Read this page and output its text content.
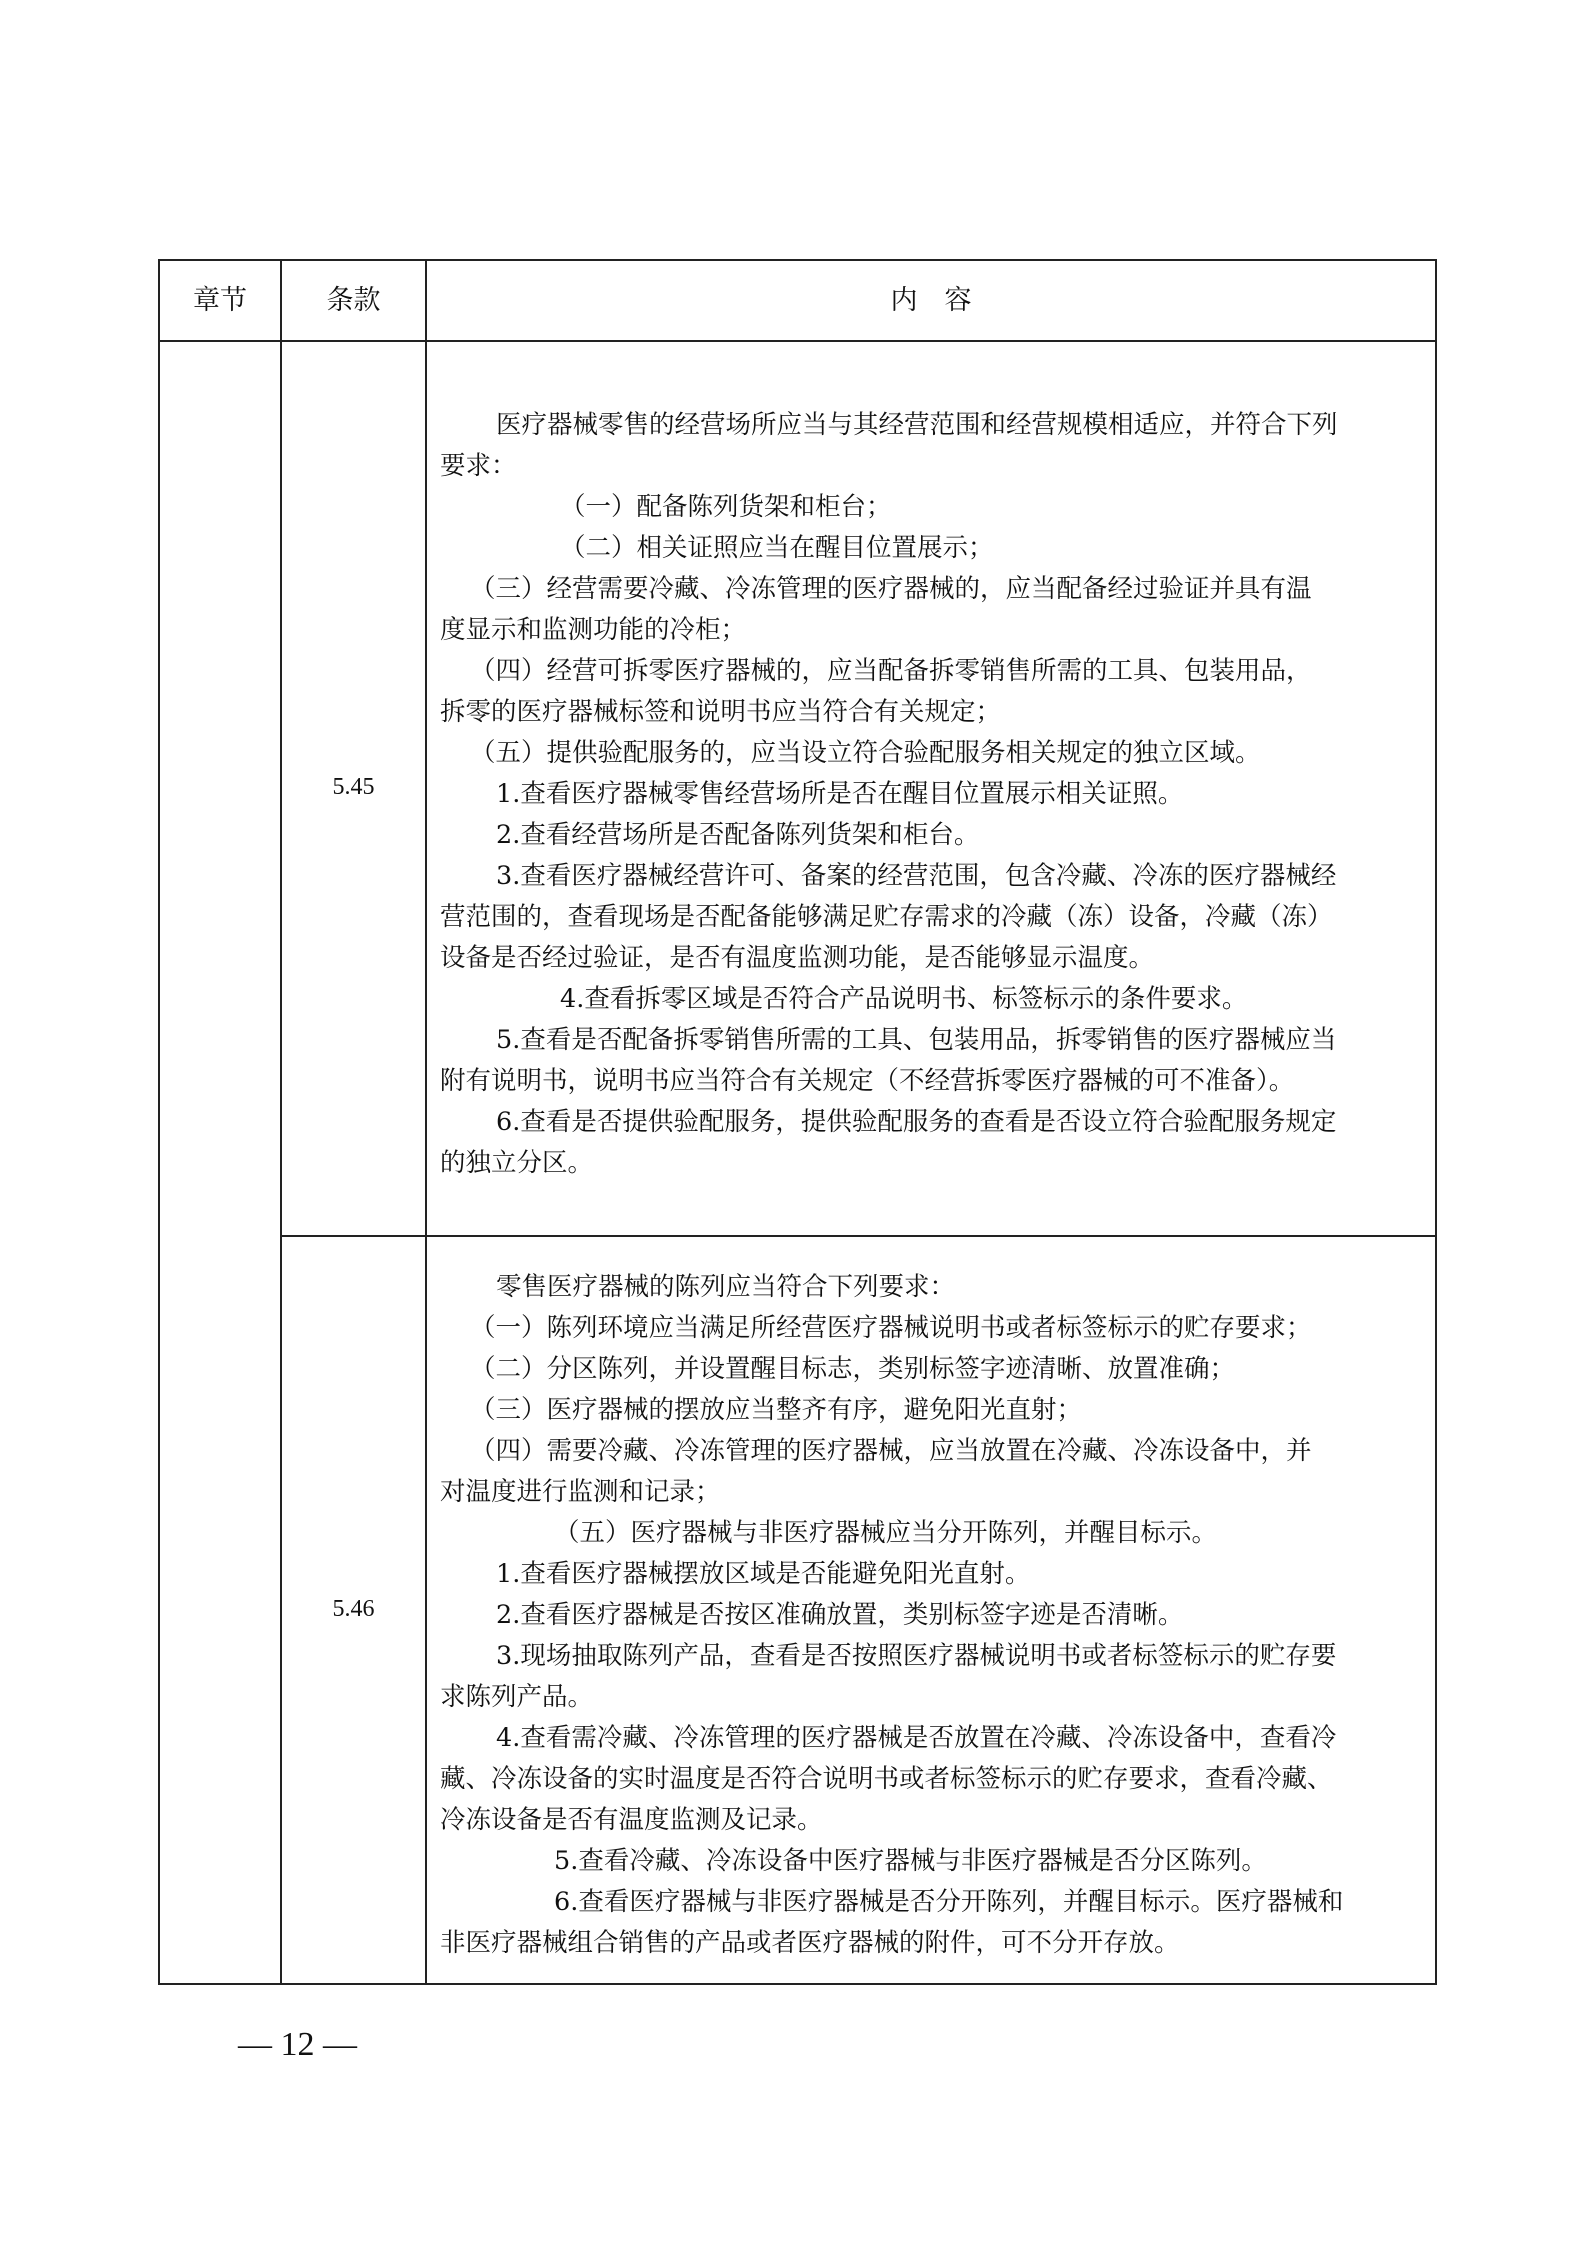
章节	条款	内　容
5.45
医疗器械零售的经营场所应当与其经营范围和经营规模相适应，并符合下列
要求：
（一）配备陈列货架和柜台；
（二）相关证照应当在醒目位置展示；
（三）经营需要冷藏、冷冻管理的医疗器械的，应当配备经过验证并具有温
度显示和监测功能的冷柜；
（四）经营可拆零医疗器械的，应当配备拆零销售所需的工具、包装用品，
拆零的医疗器械标签和说明书应当符合有关规定；
（五）提供验配服务的，应当设立符合验配服务相关规定的独立区域。
1.查看医疗器械零售经营场所是否在醒目位置展示相关证照。
2.查看经营场所是否配备陈列货架和柜台。
3.查看医疗器械经营许可、备案的经营范围，包含冷藏、冷冻的医疗器械经
营范围的，查看现场是否配备能够满足贮存需求的冷藏（冻）设备，冷藏（冻）
设备是否经过验证，是否有温度监测功能，是否能够显示温度。
4.查看拆零区域是否符合产品说明书、标签标示的条件要求。
5.查看是否配备拆零销售所需的工具、包装用品，拆零销售的医疗器械应当
附有说明书，说明书应当符合有关规定（不经营拆零医疗器械的可不准备）。
6.查看是否提供验配服务，提供验配服务的查看是否设立符合验配服务规定
的独立分区。
5.46
零售医疗器械的陈列应当符合下列要求：
（一）陈列环境应当满足所经营医疗器械说明书或者标签标示的贮存要求；
（二）分区陈列，并设置醒目标志，类别标签字迹清晰、放置准确；
（三）医疗器械的摆放应当整齐有序，避免阳光直射；
（四）需要冷藏、冷冻管理的医疗器械，应当放置在冷藏、冷冻设备中，并
对温度进行监测和记录；
（五）医疗器械与非医疗器械应当分开陈列，并醒目标示。
1.查看医疗器械摆放区域是否能避免阳光直射。
2.查看医疗器械是否按区准确放置，类别标签字迹是否清晰。
3.现场抽取陈列产品，查看是否按照医疗器械说明书或者标签标示的贮存要
求陈列产品。
4.查看需冷藏、冷冻管理的医疗器械是否放置在冷藏、冷冻设备中，查看冷
藏、冷冻设备的实时温度是否符合说明书或者标签标示的贮存要求，查看冷藏、
冷冻设备是否有温度监测及记录。
5.查看冷藏、冷冻设备中医疗器械与非医疗器械是否分区陈列。
6.查看医疗器械与非医疗器械是否分开陈列，并醒目标示。医疗器械和
非医疗器械组合销售的产品或者医疗器械的附件，可不分开存放。
— 12 —
